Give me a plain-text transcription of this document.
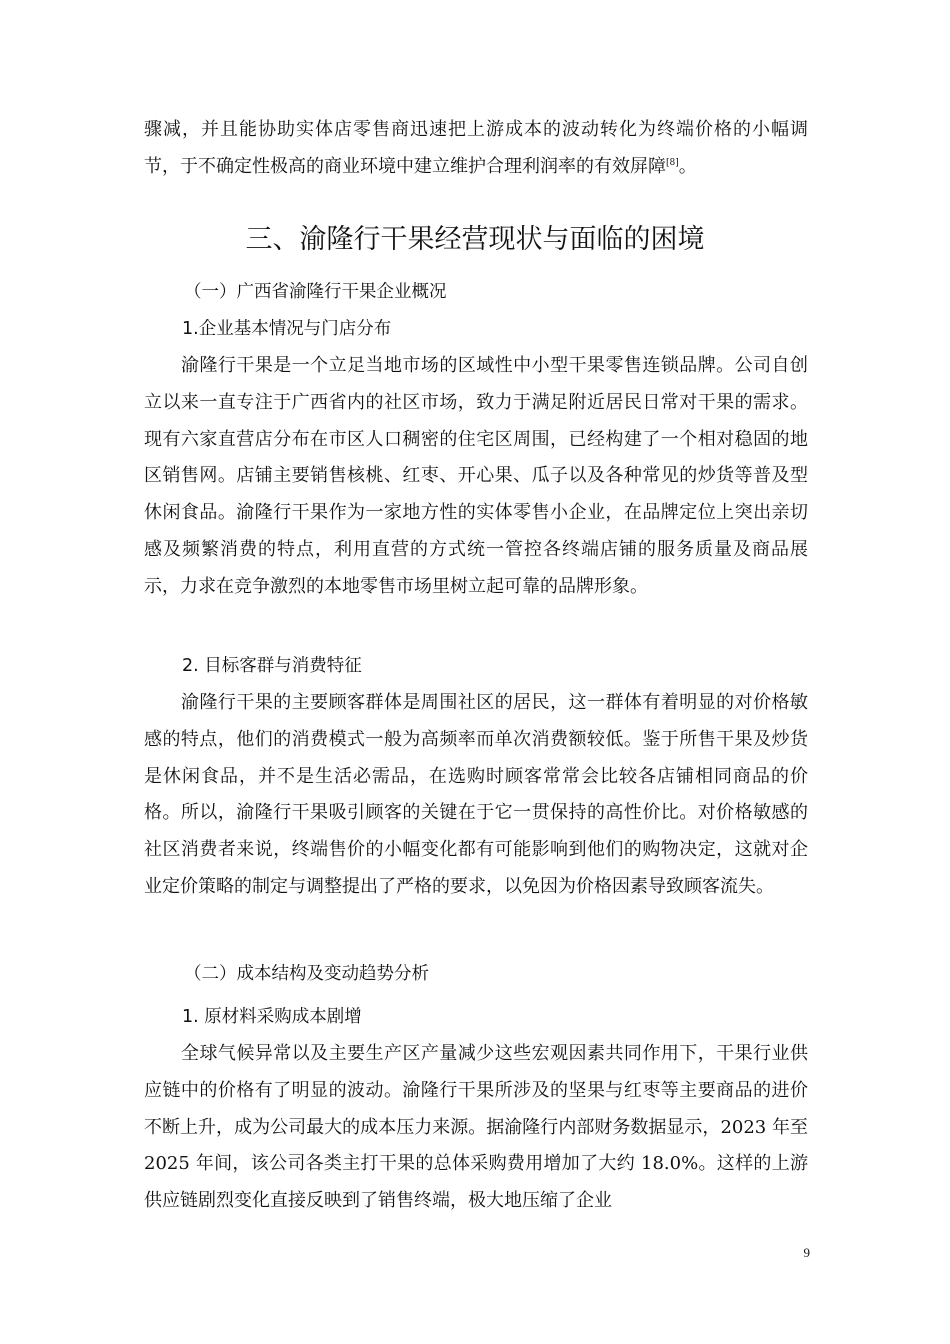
骤减，并且能协助实体店零售商迅速把上游成本的波动转化为终端价格的小幅调节，于不确定性极高的商业环境中建立维护合理利润率的有效屏障[8]。

三、渝隆行干果经营现状与面临的困境
（一）广西省渝隆行干果企业概况
1.企业基本情况与门店分布

渝隆行干果是一个立足当地市场的区域性中小型干果零售连锁品牌。公司自创立以来一直专注于广西省内的社区市场，致力于满足附近居民日常对干果的需求。现有六家直营店分布在市区人口稠密的住宅区周围，已经构建了一个相对稳固的地区销售网。店铺主要销售核桃、红枣、开心果、瓜子以及各种常见的炒货等普及型休闲食品。渝隆行干果作为一家地方性的实体零售小企业，在品牌定位上突出亲切感及频繁消费的特点，利用直营的方式统一管控各终端店铺的服务质量及商品展示，力求在竞争激烈的本地零售市场里树立起可靠的品牌形象。

2. 目标客群与消费特征

渝隆行干果的主要顾客群体是周围社区的居民，这一群体有着明显的对价格敏感的特点，他们的消费模式一般为高频率而单次消费额较低。鉴于所售干果及炒货是休闲食品，并不是生活必需品，在选购时顾客常常会比较各店铺相同商品的价格。所以，渝隆行干果吸引顾客的关键在于它一贯保持的高性价比。对价格敏感的社区消费者来说，终端售价的小幅变化都有可能影响到他们的购物决定，这就对企业定价策略的制定与调整提出了严格的要求，以免因为价格因素导致顾客流失。

（二）成本结构及变动趋势分析
1. 原材料采购成本剧增

全球气候异常以及主要生产区产量减少这些宏观因素共同作用下，干果行业供应链中的价格有了明显的波动。渝隆行干果所涉及的坚果与红枣等主要商品的进价不断上升，成为公司最大的成本压力来源。据渝隆行内部财务数据显示，2023 年至 2025 年间，该公司各类主打干果的总体采购费用增加了大约 18.0%。这样的上游供应链剧烈变化直接反映到了销售终端，极大地压缩了企业

9
